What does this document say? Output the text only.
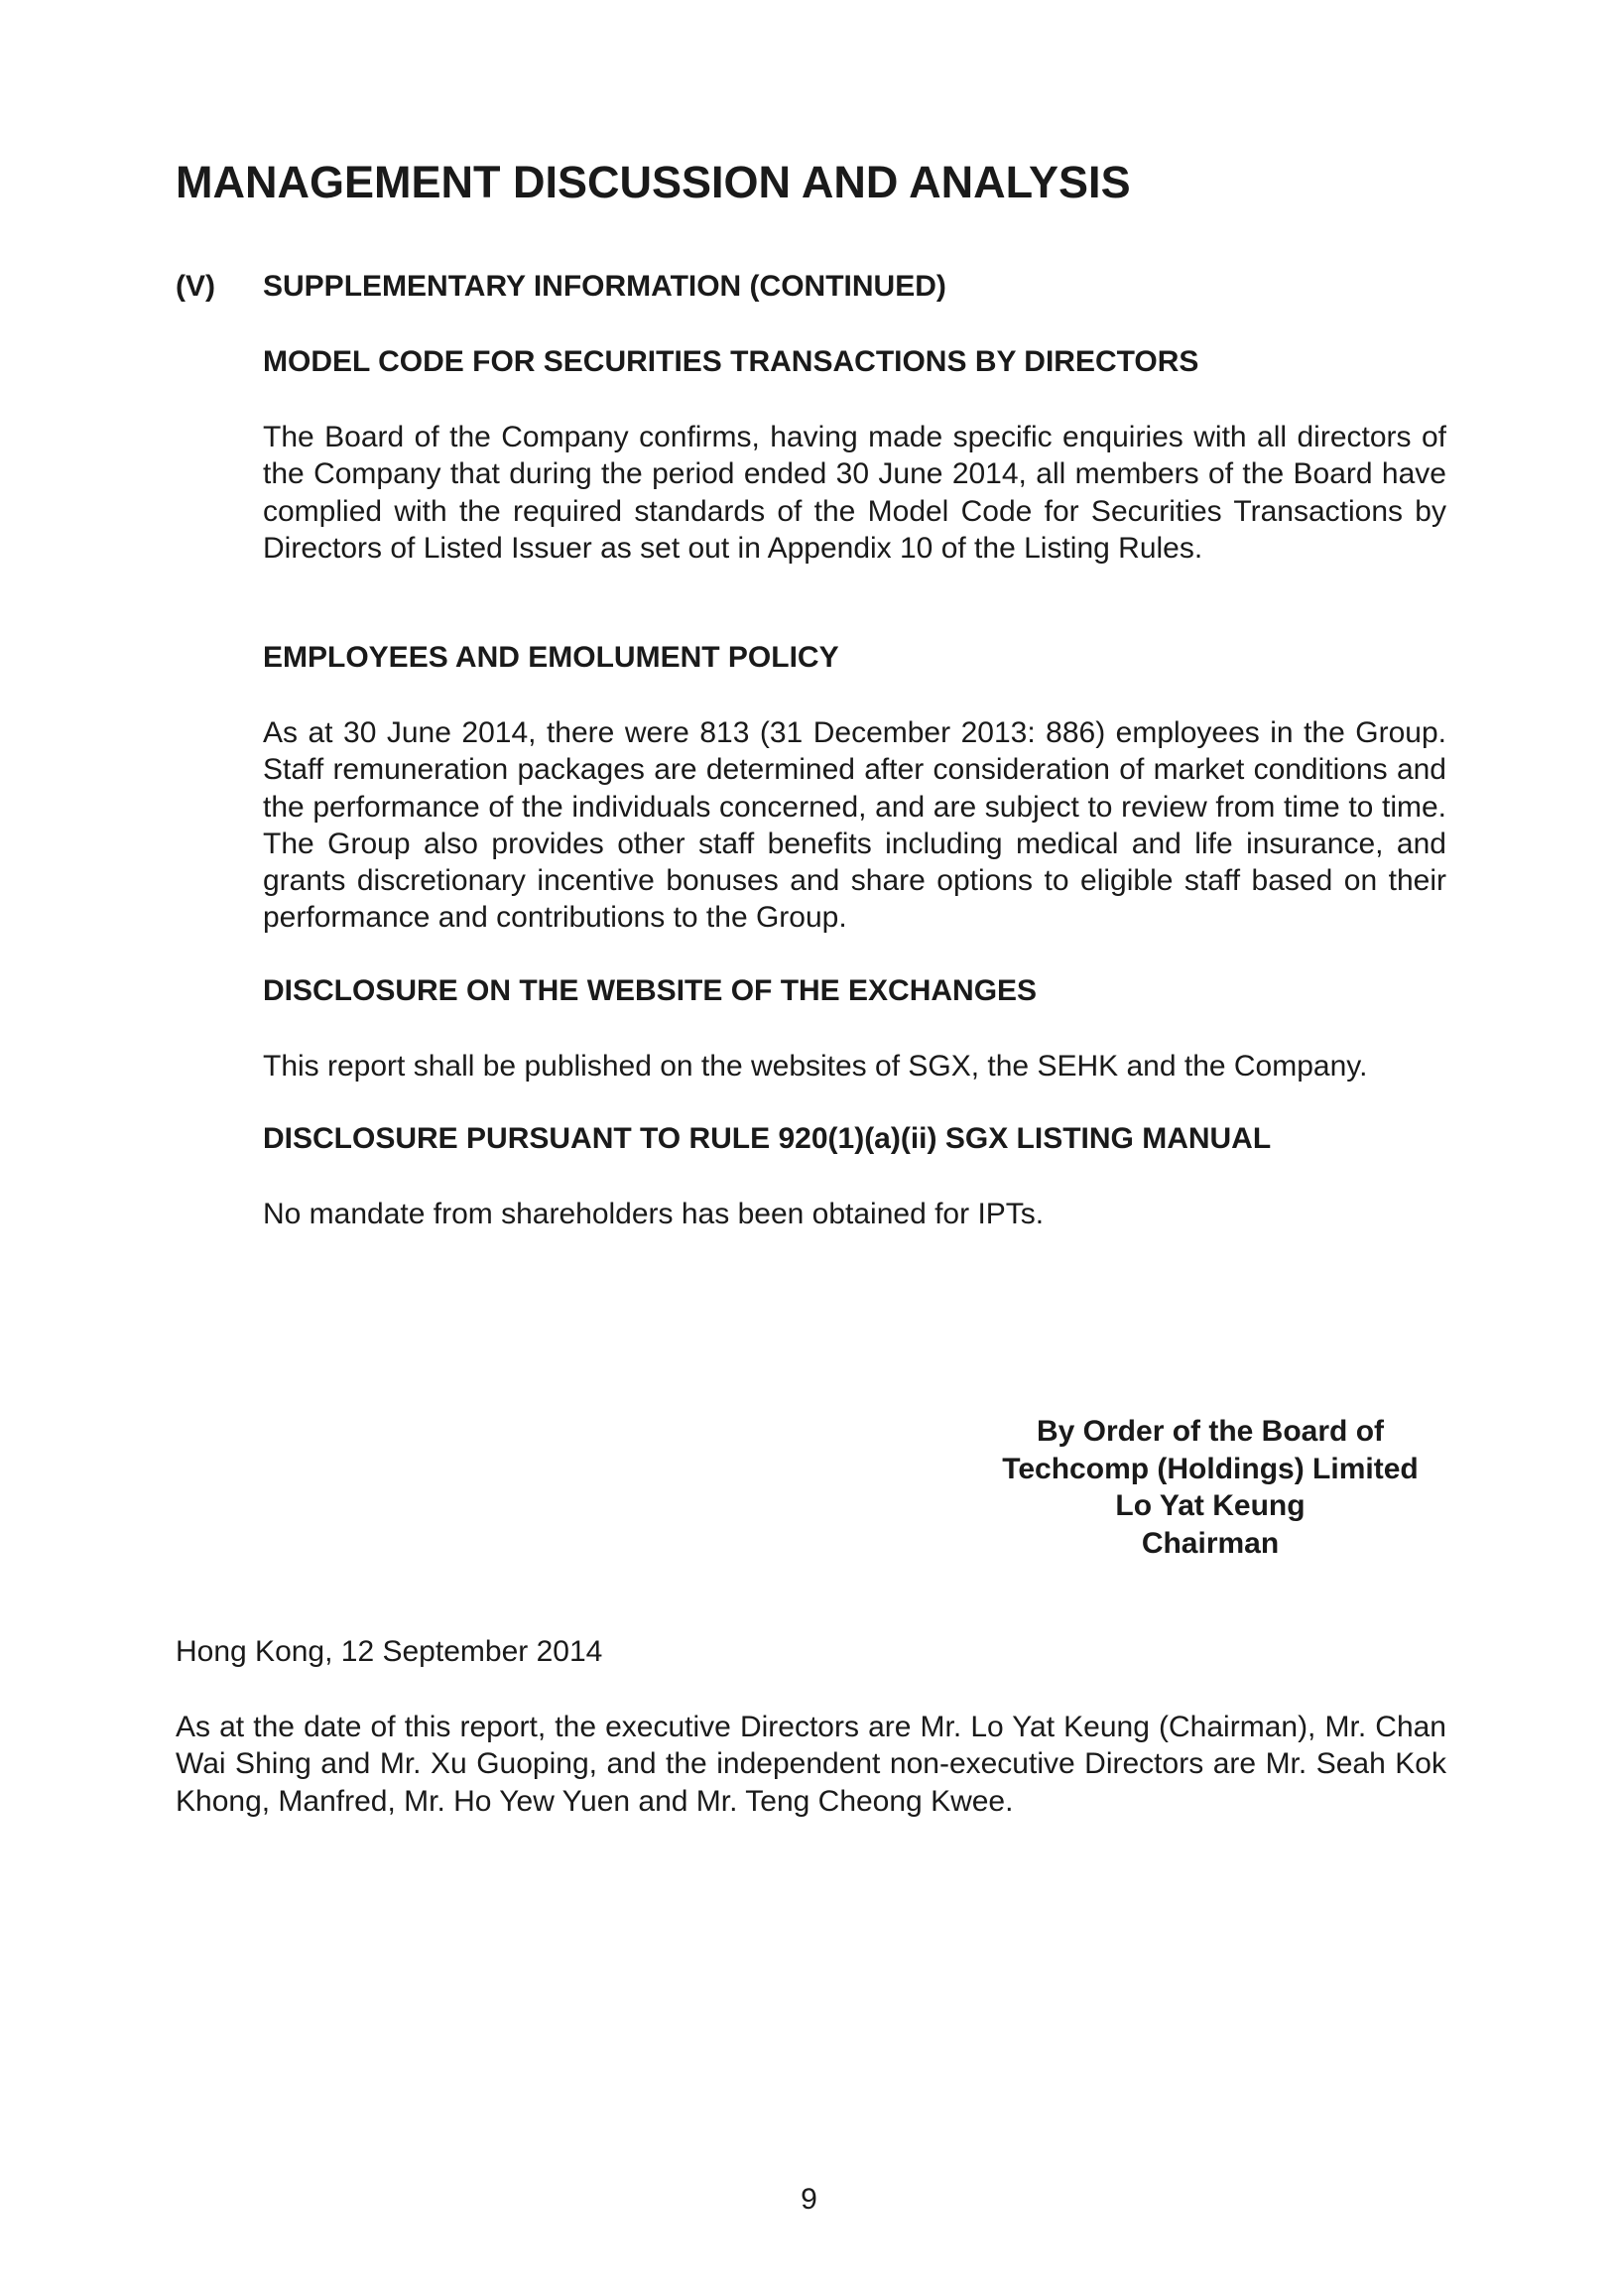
MANAGEMENT DISCUSSION AND ANALYSIS
(V) SUPPLEMENTARY INFORMATION (CONTINUED)
MODEL CODE FOR SECURITIES TRANSACTIONS BY DIRECTORS

The Board of the Company confirms, having made specific enquiries with all directors of the Company that during the period ended 30 June 2014, all members of the Board have complied with the required standards of the Model Code for Securities Transactions by Directors of Listed Issuer as set out in Appendix 10 of the Listing Rules.

EMPLOYEES AND EMOLUMENT POLICY

As at 30 June 2014, there were 813 (31 December 2013: 886) employees in the Group. Staff remuneration packages are determined after consideration of market conditions and the performance of the individuals concerned, and are subject to review from time to time. The Group also provides other staff benefits including medical and life insurance, and grants discretionary incentive bonuses and share options to eligible staff based on their performance and contributions to the Group.

DISCLOSURE ON THE WEBSITE OF THE EXCHANGES

This report shall be published on the websites of SGX, the SEHK and the Company.

DISCLOSURE PURSUANT TO RULE 920(1)(a)(ii) SGX LISTING MANUAL

No mandate from shareholders has been obtained for IPTs.

By Order of the Board of
Techcomp (Holdings) Limited
Lo Yat Keung
Chairman

Hong Kong, 12 September 2014

As at the date of this report, the executive Directors are Mr. Lo Yat Keung (Chairman), Mr. Chan Wai Shing and Mr. Xu Guoping, and the independent non-executive Directors are Mr. Seah Kok Khong, Manfred, Mr. Ho Yew Yuen and Mr. Teng Cheong Kwee.

9
